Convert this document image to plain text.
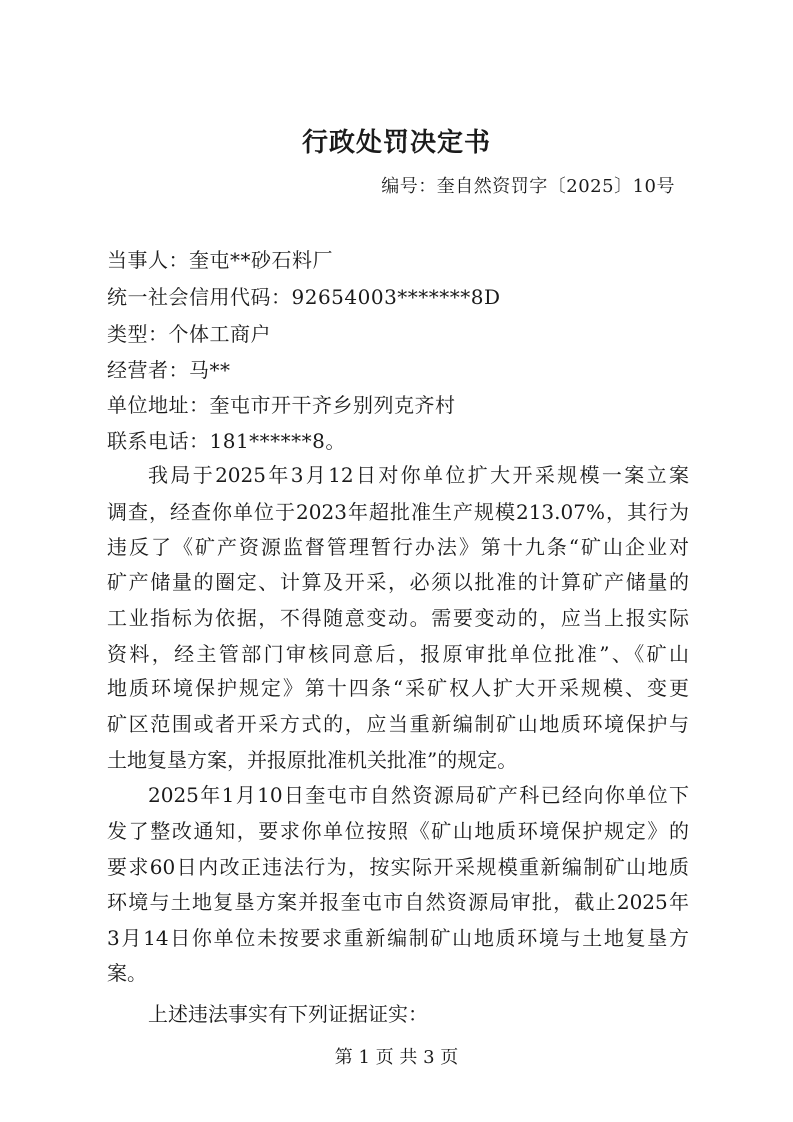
行政处罚决定书

编号：奎自然资罚字〔2025〕10号

当事人：奎屯**砂石料厂

统一社会信用代码：92654003*******8D

类型：个体工商户

经营者：马**

单位地址：奎屯市开干齐乡别列克齐村

联系电话：181******8。

我局于2025年3月12日对你单位扩大开采规模一案立案

调查，经查你单位于2023年超批准生产规模213.07%，其行为

违反了《矿产资源监督管理暂行办法》第十九条“矿山企业对

矿产储量的圈定、计算及开采，必须以批准的计算矿产储量的

工业指标为依据，不得随意变动。需要变动的，应当上报实际

资料，经主管部门审核同意后，报原审批单位批准”、《矿山

地质环境保护规定》第十四条“采矿权人扩大开采规模、变更

矿区范围或者开采方式的，应当重新编制矿山地质环境保护与

土地复垦方案，并报原批准机关批准”的规定。

2025年1月10日奎屯市自然资源局矿产科已经向你单位下

发了整改通知，要求你单位按照《矿山地质环境保护规定》的

要求60日内改正违法行为，按实际开采规模重新编制矿山地质

环境与土地复垦方案并报奎屯市自然资源局审批，截止2025年

3月14日你单位未按要求重新编制矿山地质环境与土地复垦方

案。

上述违法事实有下列证据证实：

第 1 页 共 3 页
